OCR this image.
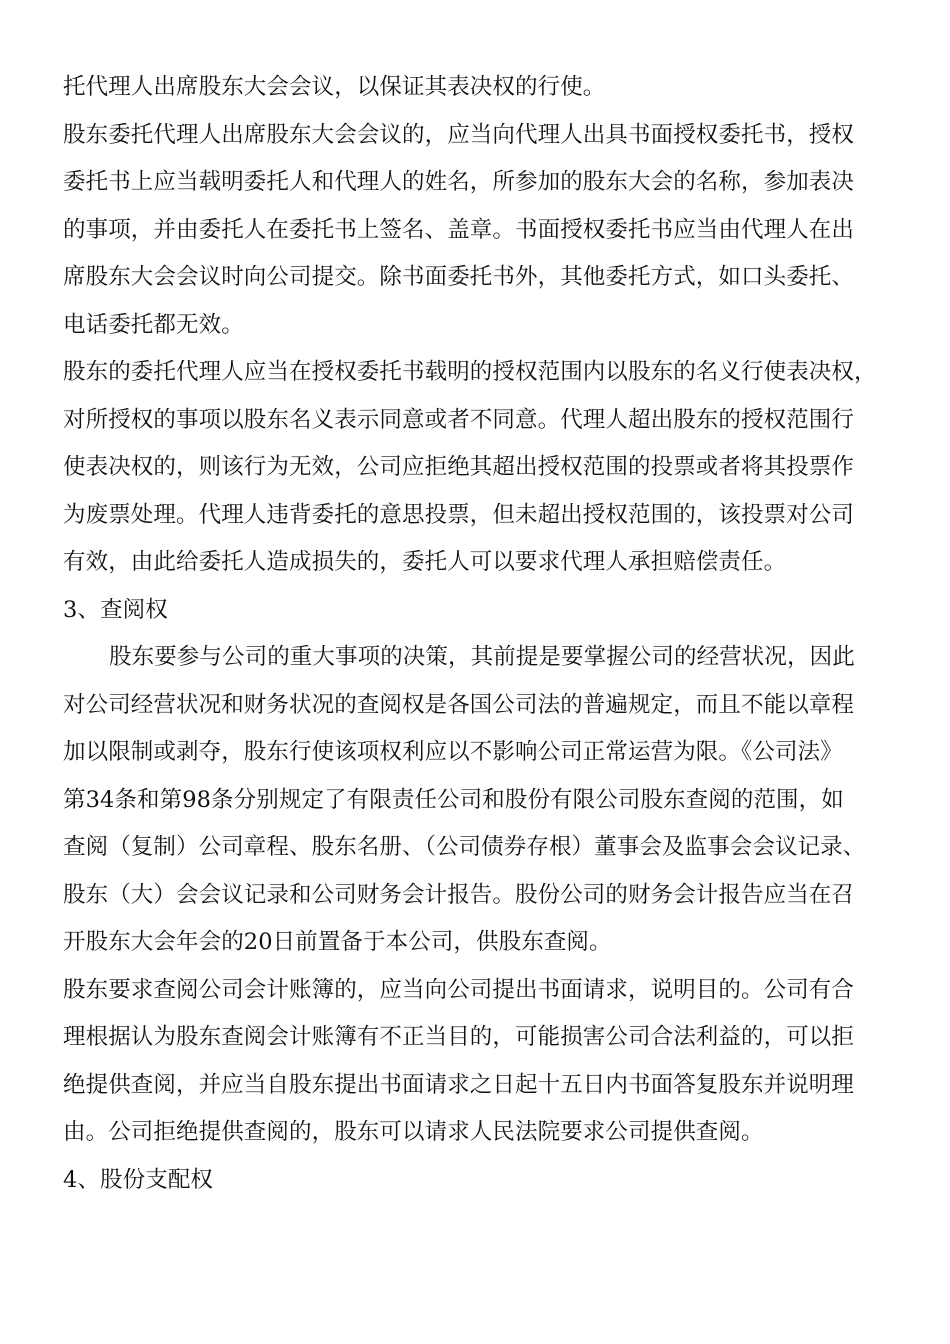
托代理人出席股东大会会议，以保证其表决权的行使。
股东委托代理人出席股东大会会议的，应当向代理人出具书面授权委托书，授权
委托书上应当载明委托人和代理人的姓名，所参加的股东大会的名称，参加表决
的事项，并由委托人在委托书上签名、盖章。书面授权委托书应当由代理人在出
席股东大会会议时向公司提交。除书面委托书外，其他委托方式，如口头委托、
电话委托都无效。
股东的委托代理人应当在授权委托书载明的授权范围内以股东的名义行使表决权，
对所授权的事项以股东名义表示同意或者不同意。代理人超出股东的授权范围行
使表决权的，则该行为无效，公司应拒绝其超出授权范围的投票或者将其投票作
为废票处理。代理人违背委托的意思投票，但未超出授权范围的，该投票对公司
有效，由此给委托人造成损失的，委托人可以要求代理人承担赔偿责任。
3、查阅权
股东要参与公司的重大事项的决策，其前提是要掌握公司的经营状况，因此
对公司经营状况和财务状况的查阅权是各国公司法的普遍规定，而且不能以章程
加以限制或剥夺，股东行使该项权利应以不影响公司正常运营为限。《公司法》
第34条和第98条分别规定了有限责任公司和股份有限公司股东查阅的范围，如
查阅（复制）公司章程、股东名册、（公司债券存根）董事会及监事会会议记录、
股东（大）会会议记录和公司财务会计报告。股份公司的财务会计报告应当在召
开股东大会年会的20日前置备于本公司，供股东查阅。
股东要求查阅公司会计账簿的，应当向公司提出书面请求，说明目的。公司有合
理根据认为股东查阅会计账簿有不正当目的，可能损害公司合法利益的，可以拒
绝提供查阅，并应当自股东提出书面请求之日起十五日内书面答复股东并说明理
由。公司拒绝提供查阅的，股东可以请求人民法院要求公司提供查阅。
4、股份支配权
